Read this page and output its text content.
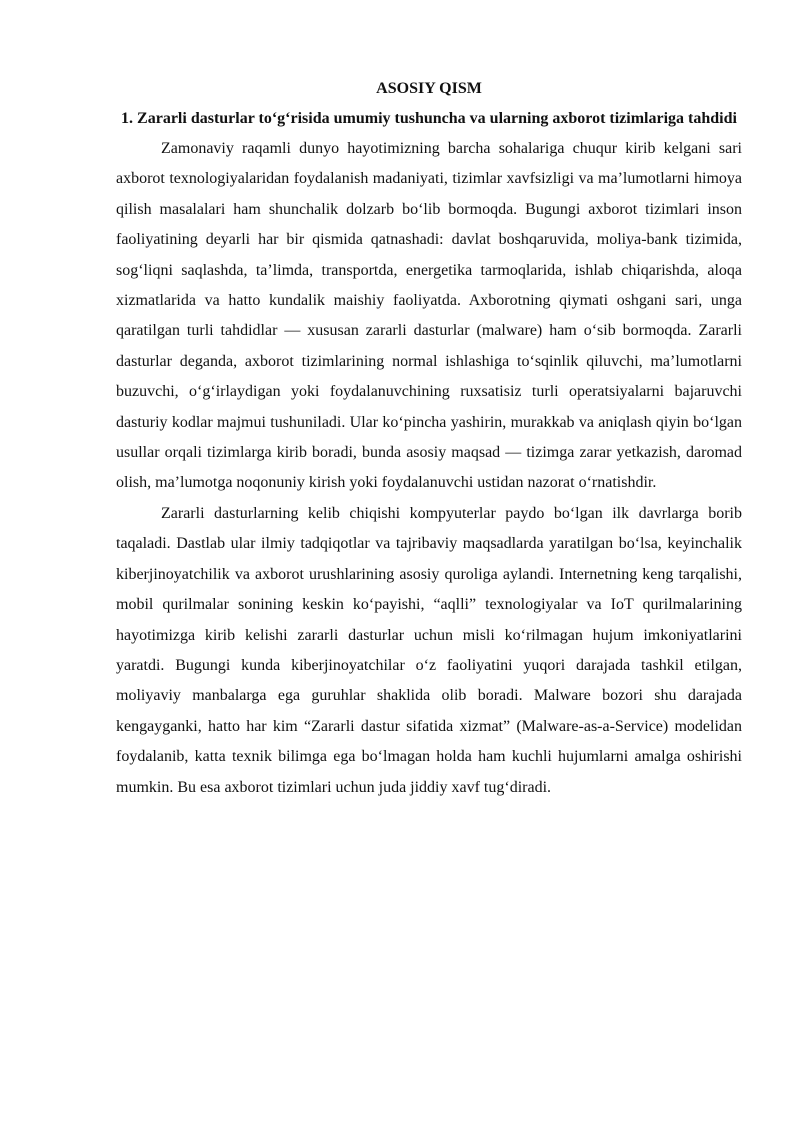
ASOSIY QISM

1. Zararli dasturlar to‘g‘risida umumiy tushuncha va ularning axborot tizimlariga tahdidi

Zamonaviy raqamli dunyo hayotimizning barcha sohalariga chuqur kirib kelgani sari axborot texnologiyalaridan foydalanish madaniyati, tizimlar xavfsizligi va ma’lumotlarni himoya qilish masalalari ham shunchalik dolzarb bo‘lib bormoqda. Bugungi axborot tizimlari inson faoliyatining deyarli har bir qismida qatnashadi: davlat boshqaruvida, moliya-bank tizimida, sog‘liqni saqlashda, ta’limda, transportda, energetika tarmoqlarida, ishlab chiqarishda, aloqa xizmatlarida va hatto kundalik maishiy faoliyatda. Axborotning qiymati oshgani sari, unga qaratilgan turli tahdidlar — xususan zararli dasturlar (malware) ham o‘sib bormoqda. Zararli dasturlar deganda, axborot tizimlarining normal ishlashiga to‘sqinlik qiluvchi, ma’lumotlarni buzuvchi, o‘g‘irlaydigan yoki foydalanuvchining ruxsatisiz turli operatsiyalarni bajaruvchi dasturiy kodlar majmui tushuniladi. Ular ko‘pincha yashirin, murakkab va aniqlash qiyin bo‘lgan usullar orqali tizimlarga kirib boradi, bunda asosiy maqsad — tizimga zarar yetkazish, daromad olish, ma’lumotga noqonuniy kirish yoki foydalanuvchi ustidan nazorat o‘rnatishdir.

Zararli dasturlarning kelib chiqishi kompyuterlar paydo bo‘lgan ilk davrlarga borib taqaladi. Dastlab ular ilmiy tadqiqotlar va tajribaviy maqsadlarda yaratilgan bo‘lsa, keyinchalik kiberjinoyatchilik va axborot urushlarining asosiy quroliga aylandi. Internetning keng tarqalishi, mobil qurilmalar sonining keskin ko‘payishi, “aqlli” texnologiyalar va IoT qurilmalarining hayotimizga kirib kelishi zararli dasturlar uchun misli ko‘rilmagan hujum imkoniyatlarini yaratdi. Bugungi kunda kiberjinoyatchilar o‘z faoliyatini yuqori darajada tashkil etilgan, moliyaviy manbalarga ega guruhlar shaklida olib boradi. Malware bozori shu darajada kengayganki, hatto har kim “Zararli dastur sifatida xizmat” (Malware-as-a-Service) modelidan foydalanib, katta texnik bilimga ega bo‘lmagan holda ham kuchli hujumlarni amalga oshirishi mumkin. Bu esa axborot tizimlari uchun juda jiddiy xavf tug‘diradi.
